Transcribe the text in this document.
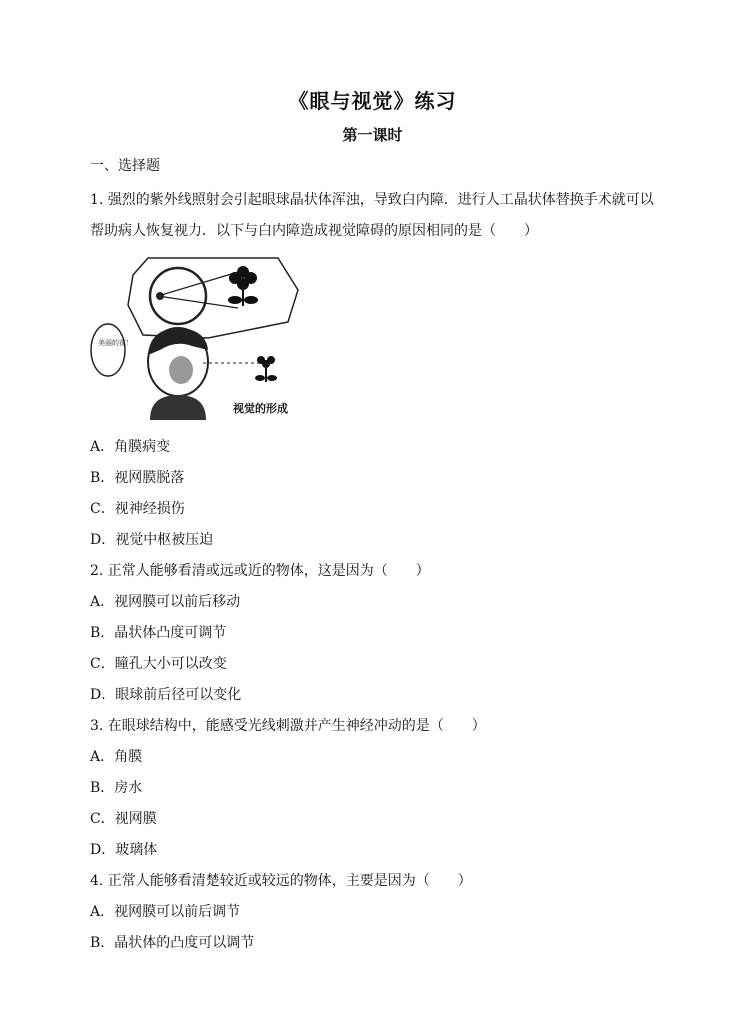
《眼与视觉》练习
第一课时
一、选择题
1. 强烈的紫外线照射会引起眼球晶状体浑浊，导致白内障．进行人工晶状体替换手术就可以帮助病人恢复视力．以下与白内障造成视觉障碍的原因相同的是（　　）
美丽的花！
视觉的形成
A．角膜病变
B．视网膜脱落
C．视神经损伤
D．视觉中枢被压迫
2. 正常人能够看清或远或近的物体，这是因为（　　）
A．视网膜可以前后移动
B．晶状体凸度可调节
C．瞳孔大小可以改变
D．眼球前后径可以变化
3. 在眼球结构中，能感受光线刺激并产生神经冲动的是（　　）
A．角膜
B．房水
C．视网膜
D．玻璃体
4. 正常人能够看清楚较近或较远的物体，主要是因为（　　）
A．视网膜可以前后调节
B．晶状体的凸度可以调节
